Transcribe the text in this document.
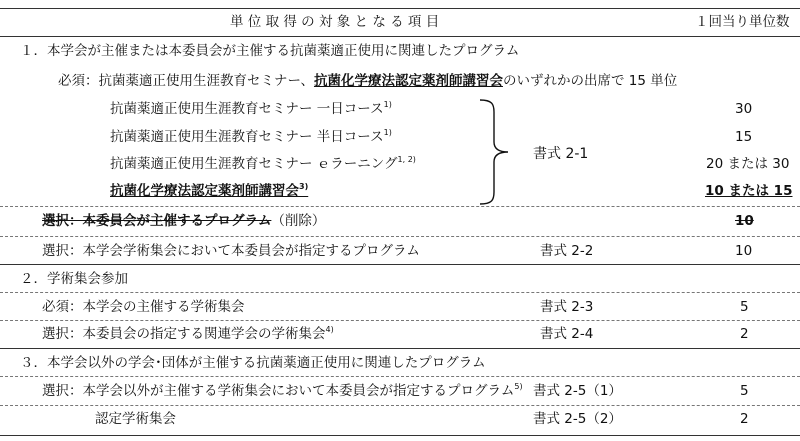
単 位 取 得 の 対 象 と な る 項 目	１回当り単位数
１．本学会が主催または本委員会が主催する抗菌薬適正使用に関連したプログラム
必須：抗菌薬適正使用生涯教育セミナー、抗菌化学療法認定薬剤師講習会のいずれかの出席で 15 単位
抗菌薬適正使用生涯教育セミナー 一日コース$^{1)}$	30
抗菌薬適正使用生涯教育セミナー 半日コース$^{1)}$	15
抗菌薬適正使用生涯教育セミナー ｅラーニング$^{1, 2)}$	20 または 30
抗菌化学療法認定薬剤師講習会$^{3)}$	10 または 15
書式 2-1
選択：本委員会が主催するプログラム（削除）	10
選択：本学会学術集会において本委員会が指定するプログラム	書式 2-2	10
２．学術集会参加
必須：本学会の主催する学術集会	書式 2-3	5
選択：本委員会の指定する関連学会の学術集会$^{4)}$	書式 2-4	2
３．本学会以外の学会･団体が主催する抗菌薬適正使用に関連したプログラム
選択：本学会以外が主催する学術集会において本委員会が指定するプログラム$^{5)}$ 書式 2-5（1）	5
認定学術集会	書式 2-5（2）	2
